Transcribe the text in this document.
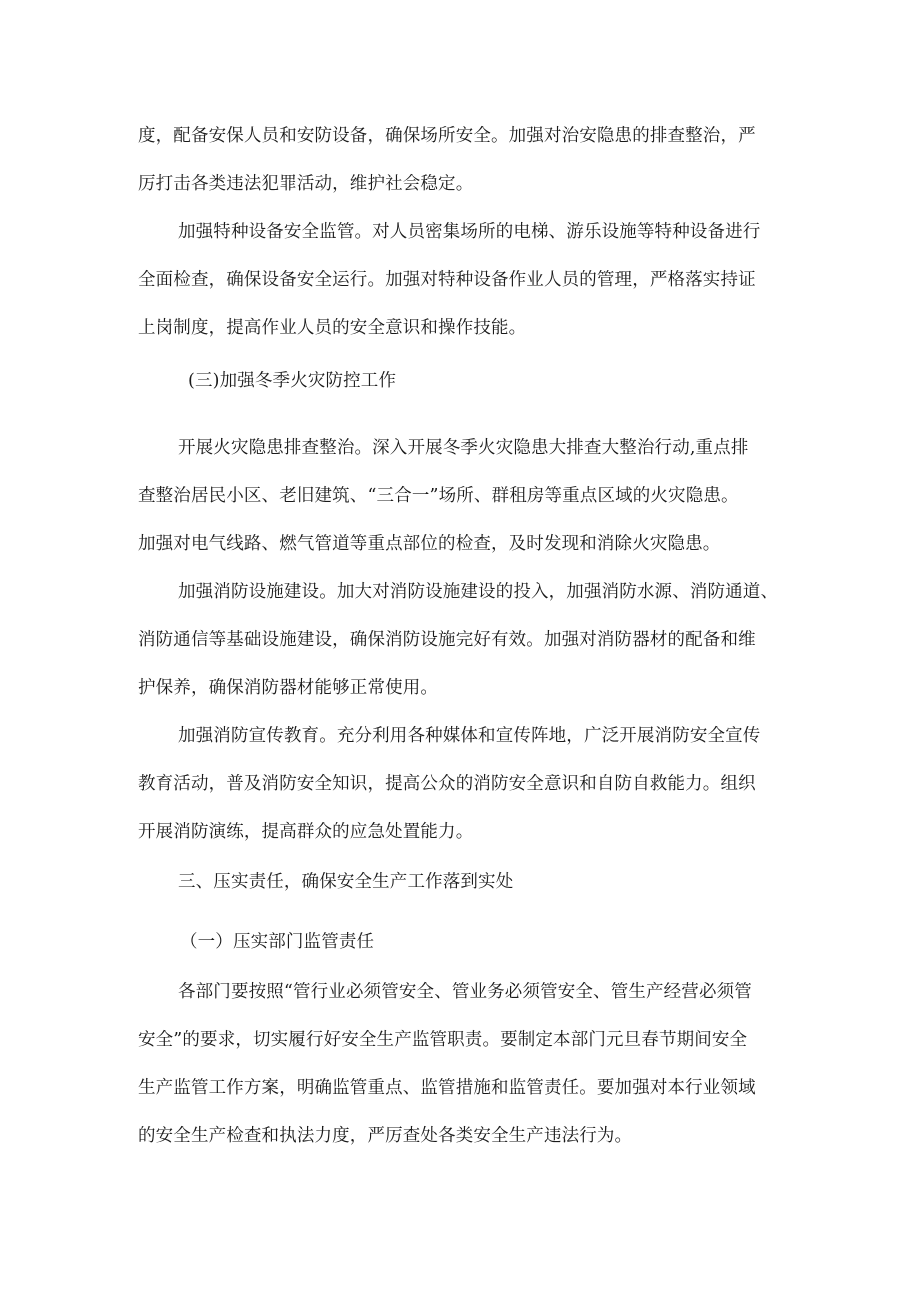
度，配备安保人员和安防设备，确保场所安全。加强对治安隐患的排查整治，严
厉打击各类违法犯罪活动，维护社会稳定。
加强特种设备安全监管。对人员密集场所的电梯、游乐设施等特种设备进行
全面检查，确保设备安全运行。加强对特种设备作业人员的管理，严格落实持证
上岗制度，提高作业人员的安全意识和操作技能。
(三)加强冬季火灾防控工作
开展火灾隐患排查整治。深入开展冬季火灾隐患大排查大整治行动,重点排
查整治居民小区、老旧建筑、“三合一”场所、群租房等重点区域的火灾隐患。
加强对电气线路、燃气管道等重点部位的检查，及时发现和消除火灾隐患。
加强消防设施建设。加大对消防设施建设的投入，加强消防水源、消防通道、
消防通信等基础设施建设，确保消防设施完好有效。加强对消防器材的配备和维
护保养，确保消防器材能够正常使用。
加强消防宣传教育。充分利用各种媒体和宣传阵地，广泛开展消防安全宣传
教育活动，普及消防安全知识，提高公众的消防安全意识和自防自救能力。组织
开展消防演练，提高群众的应急处置能力。
三、压实责任，确保安全生产工作落到实处
（一）压实部门监管责任
各部门要按照“管行业必须管安全、管业务必须管安全、管生产经营必须管
安全”的要求，切实履行好安全生产监管职责。要制定本部门元旦春节期间安全
生产监管工作方案，明确监管重点、监管措施和监管责任。要加强对本行业领域
的安全生产检查和执法力度，严厉查处各类安全生产违法行为。
